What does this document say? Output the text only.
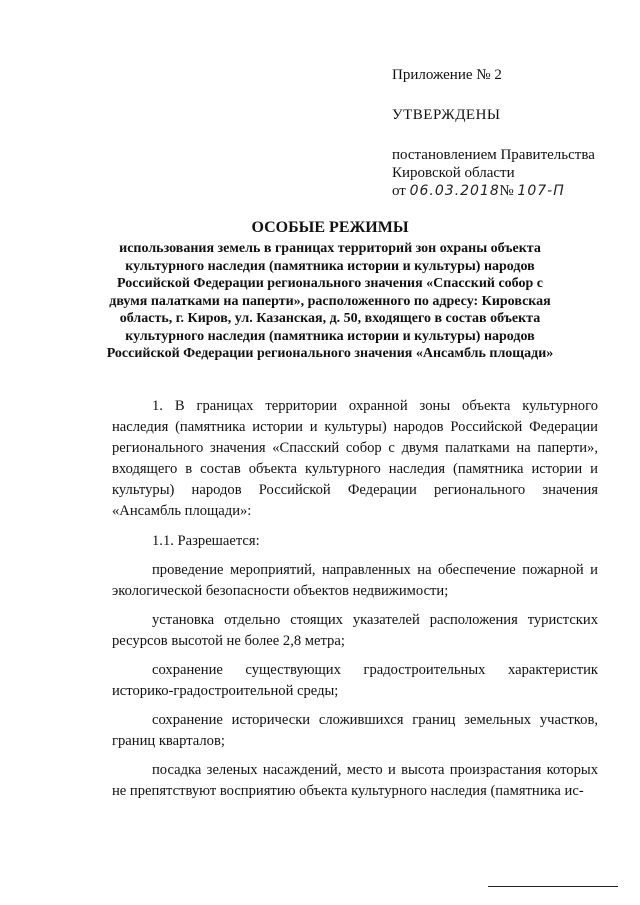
Приложение № 2

УТВЕРЖДЕНЫ

постановлением Правительства

Кировской области

от 06.03.2018 № 107-П

ОСОБЫЕ РЕЖИМЫ

использования земель в границах территорий зон охраны объекта культурного наследия (памятника истории и культуры) народов Российской Федерации регионального значения «Спасский собор с двумя палатками на паперти», расположенного по адресу: Кировская область, г. Киров, ул. Казанская, д. 50, входящего в состав объекта культурного наследия (памятника истории и культуры) народов Российской Федерации регионального значения «Ансамбль площади»

1. В границах территории охранной зоны объекта культурного наследия (памятника истории и культуры) народов Российской Федерации регионального значения «Спасский собор с двумя палатками на паперти», входящего в состав объекта культурного наследия (памятника истории и культуры) народов Российской Федерации регионального значения «Ансамбль площади»:

1.1. Разрешается:

проведение мероприятий, направленных на обеспечение пожарной и экологической безопасности объектов недвижимости;

установка отдельно стоящих указателей расположения туристских ресурсов высотой не более 2,8 метра;

сохранение существующих градостроительных характеристик историко-градостроительной среды;

сохранение исторически сложившихся границ земельных участков, границ кварталов;

посадка зеленых насаждений, место и высота произрастания которых не препятствуют восприятию объекта культурного наследия (памятника ис-
